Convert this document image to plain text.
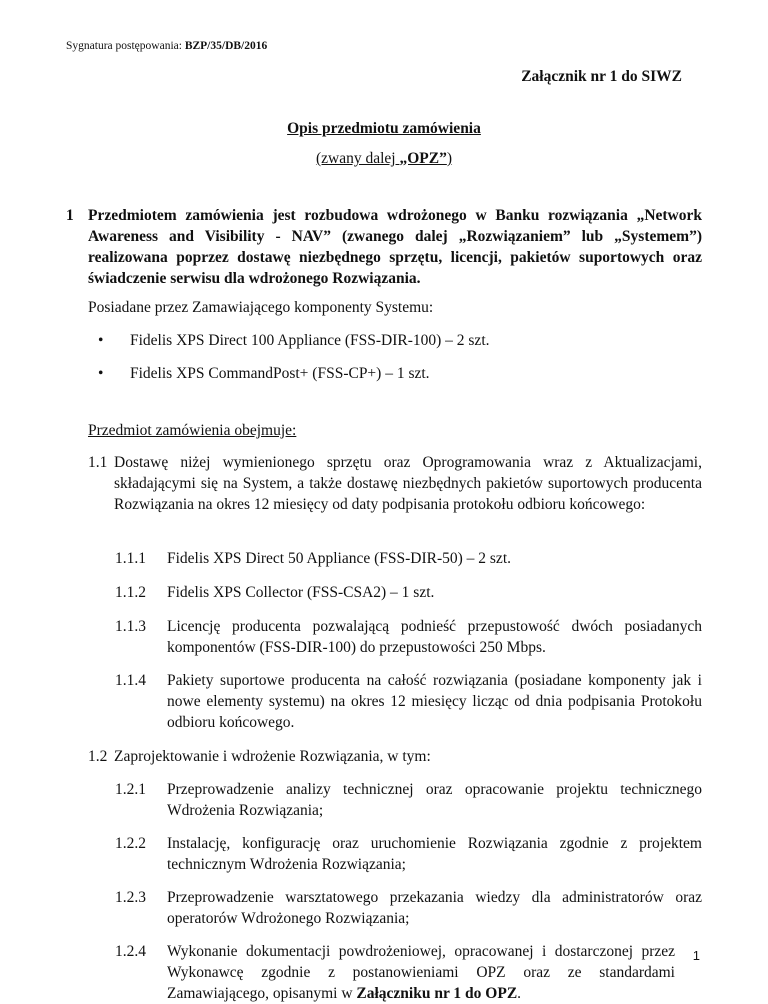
Sygnatura postępowania: BZP/35/DB/2016
Załącznik nr 1 do SIWZ
Opis przedmiotu zamówienia
(zwany dalej „OPZ”)
1 Przedmiotem zamówienia jest rozbudowa wdrożonego w Banku rozwiązania „Network Awareness and Visibility - NAV” (zwanego dalej „Rozwiązaniem” lub „Systemem”) realizowana poprzez dostawę niezbędnego sprzętu, licencji, pakietów suportowych oraz świadczenie serwisu dla wdrożonego Rozwiązania.
Posiadane przez Zamawiającego komponenty Systemu:
• Fidelis XPS Direct 100 Appliance (FSS-DIR-100) – 2 szt.
• Fidelis XPS CommandPost+ (FSS-CP+) – 1 szt.
Przedmiot zamówienia obejmuje:
1.1 Dostawę niżej wymienionego sprzętu oraz Oprogramowania wraz z Aktualizacjami, składającymi się na System, a także dostawę niezbędnych pakietów suportowych producenta Rozwiązania na okres 12 miesięcy od daty podpisania protokołu odbioru końcowego:
1.1.1 Fidelis XPS Direct 50 Appliance (FSS-DIR-50) – 2 szt.
1.1.2 Fidelis XPS Collector (FSS-CSA2) – 1 szt.
1.1.3 Licencję producenta pozwalającą podnieść przepustowość dwóch posiadanych komponentów (FSS-DIR-100) do przepustowości 250 Mbps.
1.1.4 Pakiety suportowe producenta na całość rozwiązania (posiadane komponenty jak i nowe elementy systemu) na okres 12 miesięcy licząc od dnia podpisania Protokołu odbioru końcowego.
1.2 Zaprojektowanie i wdrożenie Rozwiązania, w tym:
1.2.1 Przeprowadzenie analizy technicznej oraz opracowanie projektu technicznego Wdrożenia Rozwiązania;
1.2.2 Instalację, konfigurację oraz uruchomienie Rozwiązania zgodnie z projektem technicznym Wdrożenia Rozwiązania;
1.2.3 Przeprowadzenie warsztatowego przekazania wiedzy dla administratorów oraz operatorów Wdrożonego Rozwiązania;
1.2.4 Wykonanie dokumentacji powdrożeniowej, opracowanej i dostarczonej przez Wykonawcę zgodnie z postanowieniami OPZ oraz ze standardami Zamawiającego, opisanymi w Załączniku nr 1 do OPZ.
1
